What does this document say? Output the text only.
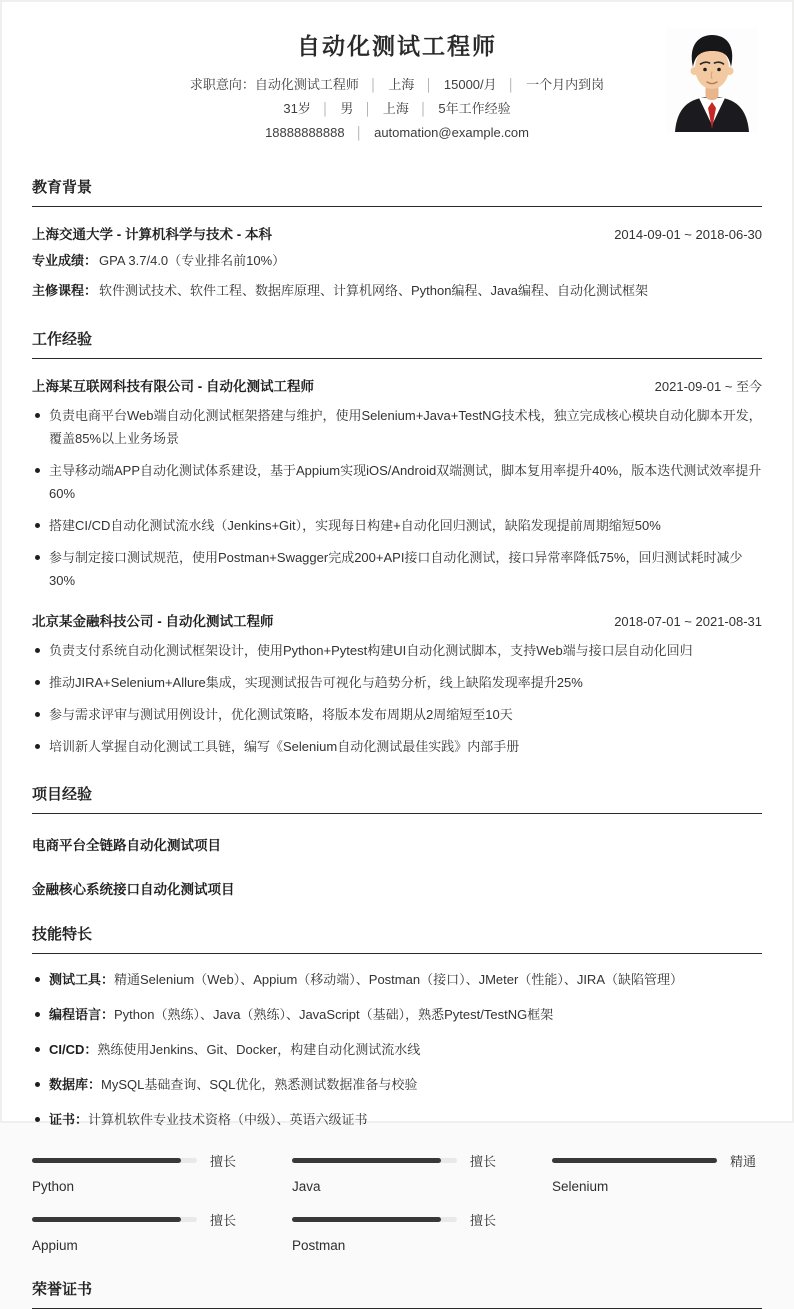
自动化测试工程师
求职意向：自动化测试工程师 │ 上海 │ 15000/月 │ 一个月内到岗
31岁 │ 男 │ 上海 │ 5年工作经验
18888888888 │ automation@example.com
教育背景
上海交通大学 - 计算机科学与技术 - 本科	2014-09-01 ~ 2018-06-30

专业成绩： GPA 3.7/4.0（专业排名前10%）

主修课程： 软件测试技术、软件工程、数据库原理、计算机网络、Python编程、Java编程、自动化测试框架

工作经验
上海某互联网科技有限公司 - 自动化测试工程师	2021-09-01 ~ 至今
负责电商平台Web端自动化测试框架搭建与维护，使用Selenium+Java+TestNG技术栈，独立完成核心模块自动化脚本开发，覆盖85%以上业务场景
主导移动端APP自动化测试体系建设，基于Appium实现iOS/Android双端测试，脚本复用率提升40%，版本迭代测试效率提升60%
搭建CI/CD自动化测试流水线（Jenkins+Git），实现每日构建+自动化回归测试，缺陷发现提前周期缩短50%
参与制定接口测试规范，使用Postman+Swagger完成200+API接口自动化测试，接口异常率降低75%，回归测试耗时减少30%
北京某金融科技公司 - 自动化测试工程师	2018-07-01 ~ 2021-08-31
负责支付系统自动化测试框架设计，使用Python+Pytest构建UI自动化测试脚本，支持Web端与接口层自动化回归
推动JIRA+Selenium+Allure集成，实现测试报告可视化与趋势分析，线上缺陷发现率提升25%
参与需求评审与测试用例设计，优化测试策略，将版本发布周期从2周缩短至10天
培训新人掌握自动化测试工具链，编写《Selenium自动化测试最佳实践》内部手册
项目经验
电商平台全链路自动化测试项目
金融核心系统接口自动化测试项目
技能特长
测试工具：精通Selenium（Web）、Appium（移动端）、Postman（接口）、JMeter（性能）、JIRA（缺陷管理）
编程语言：Python（熟练）、Java（熟练）、JavaScript（基础），熟悉Pytest/TestNG框架
CI/CD：熟练使用Jenkins、Git、Docker，构建自动化测试流水线
数据库：MySQL基础查询、SQL优化，熟悉测试数据准备与校验
证书：计算机软件专业技术资格（中级）、英语六级证书
擅长
Python
擅长
Java
精通
Selenium
擅长
Appium
擅长
Postman
荣誉证书
